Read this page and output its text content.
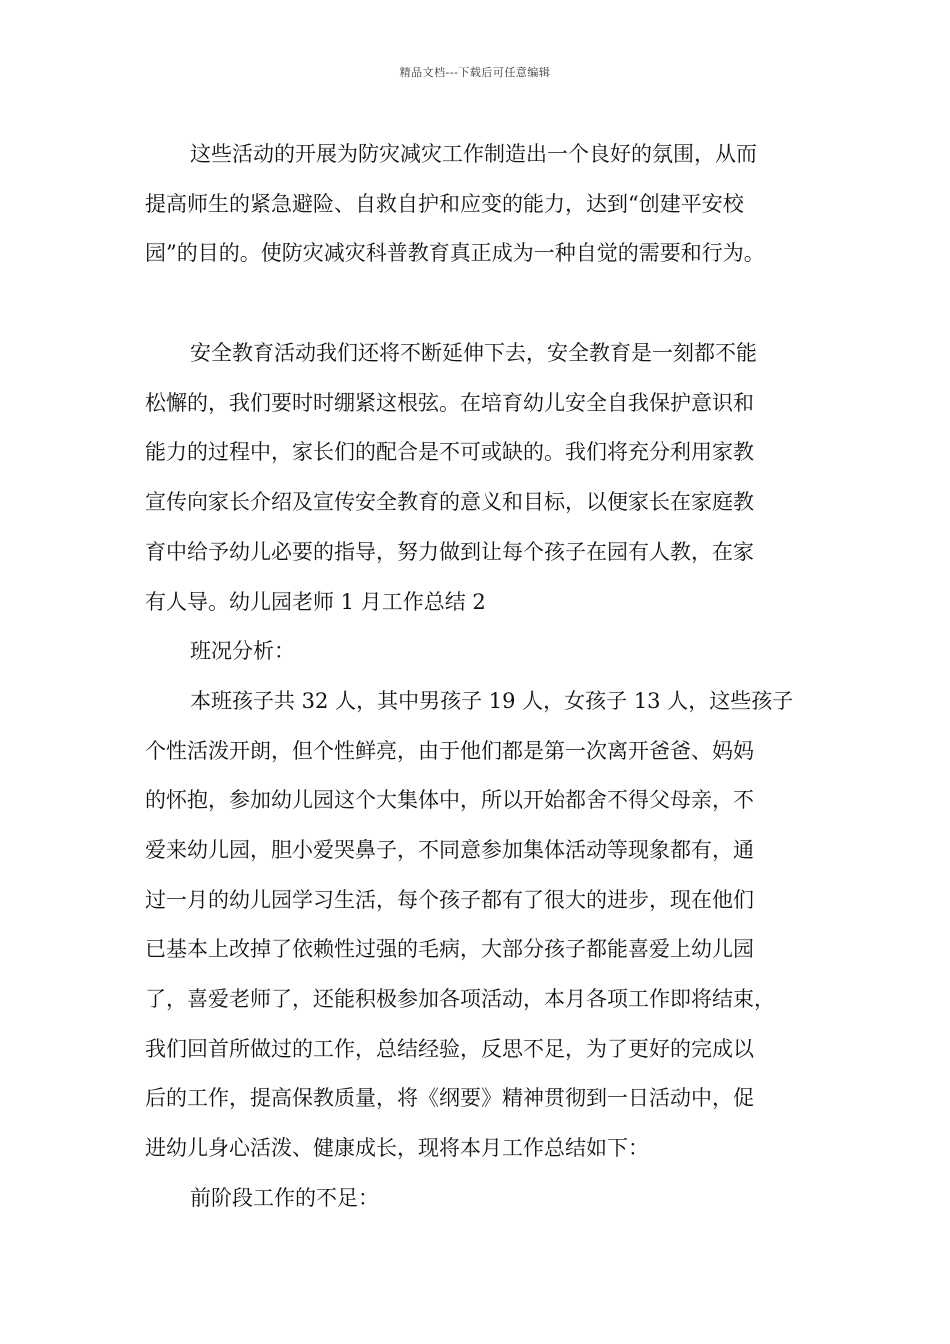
精品文档---下载后可任意编辑
这些活动的开展为防灾减灾工作制造出一个良好的氛围，从而
提高师生的紧急避险、自救自护和应变的能力，达到“创建平安校
园”的目的。使防灾减灾科普教育真正成为一种自觉的需要和行为。
安全教育活动我们还将不断延伸下去，安全教育是一刻都不能
松懈的，我们要时时绷紧这根弦。在培育幼儿安全自我保护意识和
能力的过程中，家长们的配合是不可或缺的。我们将充分利用家教
宣传向家长介绍及宣传安全教育的意义和目标，以便家长在家庭教
育中给予幼儿必要的指导，努力做到让每个孩子在园有人教，在家
有人导。幼儿园老师 1 月工作总结 2
班况分析：
本班孩子共 32 人，其中男孩子 19 人，女孩子 13 人，这些孩子
个性活泼开朗，但个性鲜亮，由于他们都是第一次离开爸爸、妈妈
的怀抱，参加幼儿园这个大集体中，所以开始都舍不得父母亲，不
爱来幼儿园，胆小爱哭鼻子，不同意参加集体活动等现象都有，通
过一月的幼儿园学习生活，每个孩子都有了很大的进步，现在他们
已基本上改掉了依赖性过强的毛病，大部分孩子都能喜爱上幼儿园
了，喜爱老师了，还能积极参加各项活动，本月各项工作即将结束，
我们回首所做过的工作，总结经验，反思不足，为了更好的完成以
后的工作，提高保教质量，将《纲要》精神贯彻到一日活动中，促
进幼儿身心活泼、健康成长，现将本月工作总结如下：
前阶段工作的不足：
